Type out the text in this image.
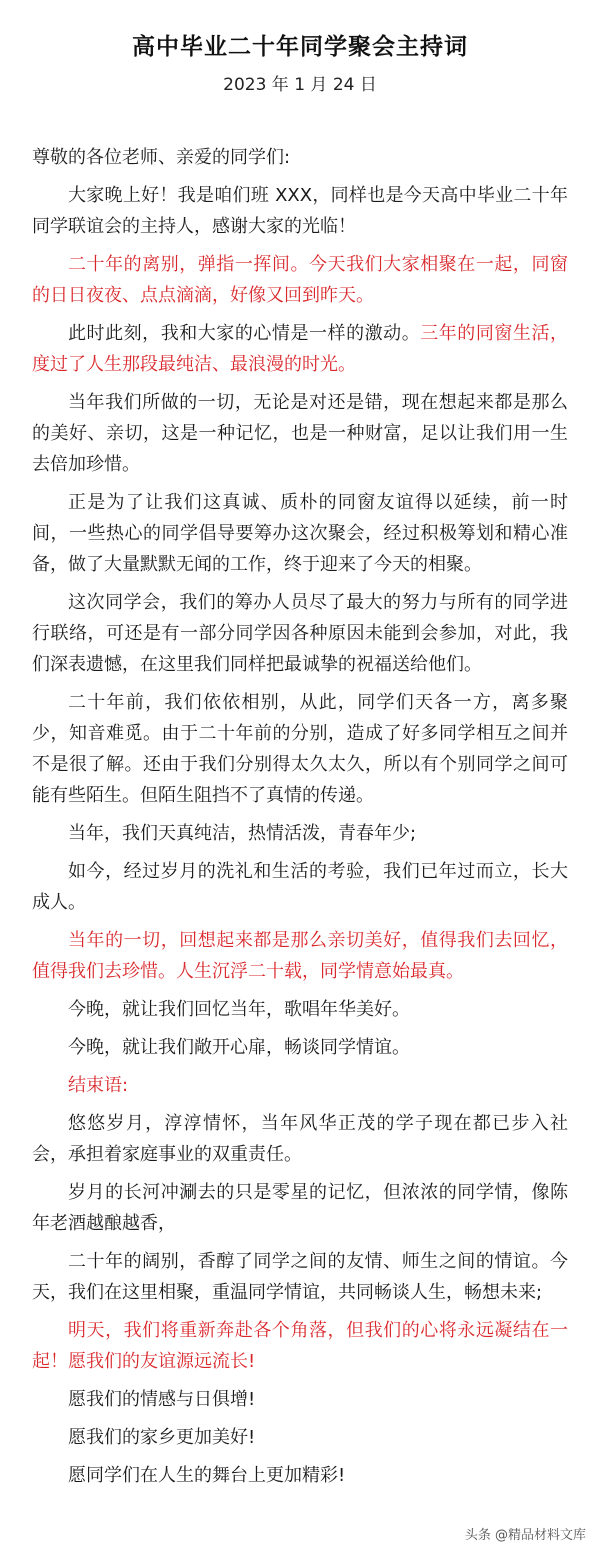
高中毕业二十年同学聚会主持词
2023 年 1 月 24 日

尊敬的各位老师、亲爱的同学们:

大家晚上好！我是咱们班 XXX，同样也是今天高中毕业二十年同学联谊会的主持人，感谢大家的光临！

二十年的离别，弹指一挥间。今天我们大家相聚在一起，同窗的日日夜夜、点点滴滴，好像又回到昨天。

此时此刻，我和大家的心情是一样的激动。三年的同窗生活，度过了人生那段最纯洁、最浪漫的时光。

当年我们所做的一切，无论是对还是错，现在想起来都是那么的美好、亲切，这是一种记忆，也是一种财富，足以让我们用一生去倍加珍惜。

正是为了让我们这真诚、质朴的同窗友谊得以延续，前一时间，一些热心的同学倡导要筹办这次聚会，经过积极筹划和精心准备，做了大量默默无闻的工作，终于迎来了今天的相聚。

这次同学会，我们的筹办人员尽了最大的努力与所有的同学进行联络，可还是有一部分同学因各种原因未能到会参加，对此，我们深表遗憾，在这里我们同样把最诚挚的祝福送给他们。

二十年前，我们依依相别，从此，同学们天各一方，离多聚少，知音难觅。由于二十年前的分别，造成了好多同学相互之间并不是很了解。还由于我们分别得太久太久，所以有个别同学之间可能有些陌生。但陌生阻挡不了真情的传递。

当年，我们天真纯洁，热情活泼，青春年少;

如今，经过岁月的洗礼和生活的考验，我们已年过而立，长大成人。

当年的一切，回想起来都是那么亲切美好，值得我们去回忆，值得我们去珍惜。人生沉浮二十载，同学情意始最真。

今晚，就让我们回忆当年，歌唱年华美好。

今晚，就让我们敞开心扉，畅谈同学情谊。

结束语:

悠悠岁月，淳淳情怀，当年风华正茂的学子现在都已步入社会，承担着家庭事业的双重责任。

岁月的长河冲涮去的只是零星的记忆，但浓浓的同学情，像陈年老酒越酿越香，

二十年的阔别，香醇了同学之间的友情、师生之间的情谊。今天，我们在这里相聚，重温同学情谊，共同畅谈人生，畅想未来;

明天，我们将重新奔赴各个角落，但我们的心将永远凝结在一起！愿我们的友谊源远流长!

愿我们的情感与日俱增!

愿我们的家乡更加美好!

愿同学们在人生的舞台上更加精彩!

头条 @精品材料文库
